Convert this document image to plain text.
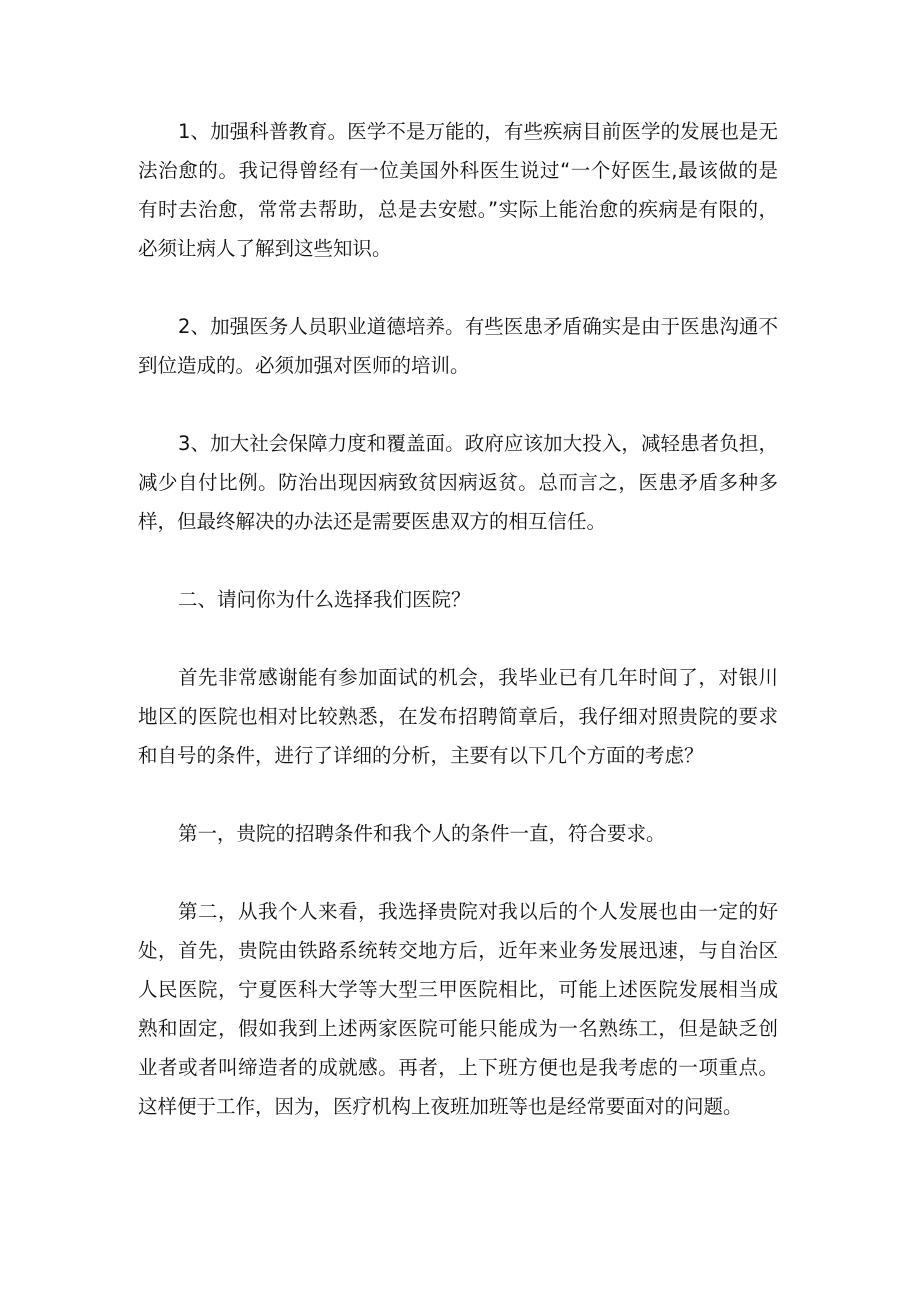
1、加强科普教育。医学不是万能的，有些疾病目前医学的发展也是无法治愈的。我记得曾经有一位美国外科医生说过“一个好医生,最该做的是有时去治愈，常常去帮助，总是去安慰。”实际上能治愈的疾病是有限的，必须让病人了解到这些知识。

2、加强医务人员职业道德培养。有些医患矛盾确实是由于医患沟通不到位造成的。必须加强对医师的培训。

3、加大社会保障力度和覆盖面。政府应该加大投入，减轻患者负担，减少自付比例。防治出现因病致贫因病返贫。总而言之，医患矛盾多种多样，但最终解决的办法还是需要医患双方的相互信任。

二、请问你为什么选择我们医院？

首先非常感谢能有参加面试的机会，我毕业已有几年时间了，对银川地区的医院也相对比较熟悉，在发布招聘简章后，我仔细对照贵院的要求和自号的条件，进行了详细的分析，主要有以下几个方面的考虑？

第一，贵院的招聘条件和我个人的条件一直，符合要求。

第二，从我个人来看，我选择贵院对我以后的个人发展也由一定的好处，首先，贵院由铁路系统转交地方后，近年来业务发展迅速，与自治区人民医院，宁夏医科大学等大型三甲医院相比，可能上述医院发展相当成熟和固定，假如我到上述两家医院可能只能成为一名熟练工，但是缺乏创业者或者叫缔造者的成就感。再者，上下班方便也是我考虑的一项重点。这样便于工作，因为，医疗机构上夜班加班等也是经常要面对的问题。
